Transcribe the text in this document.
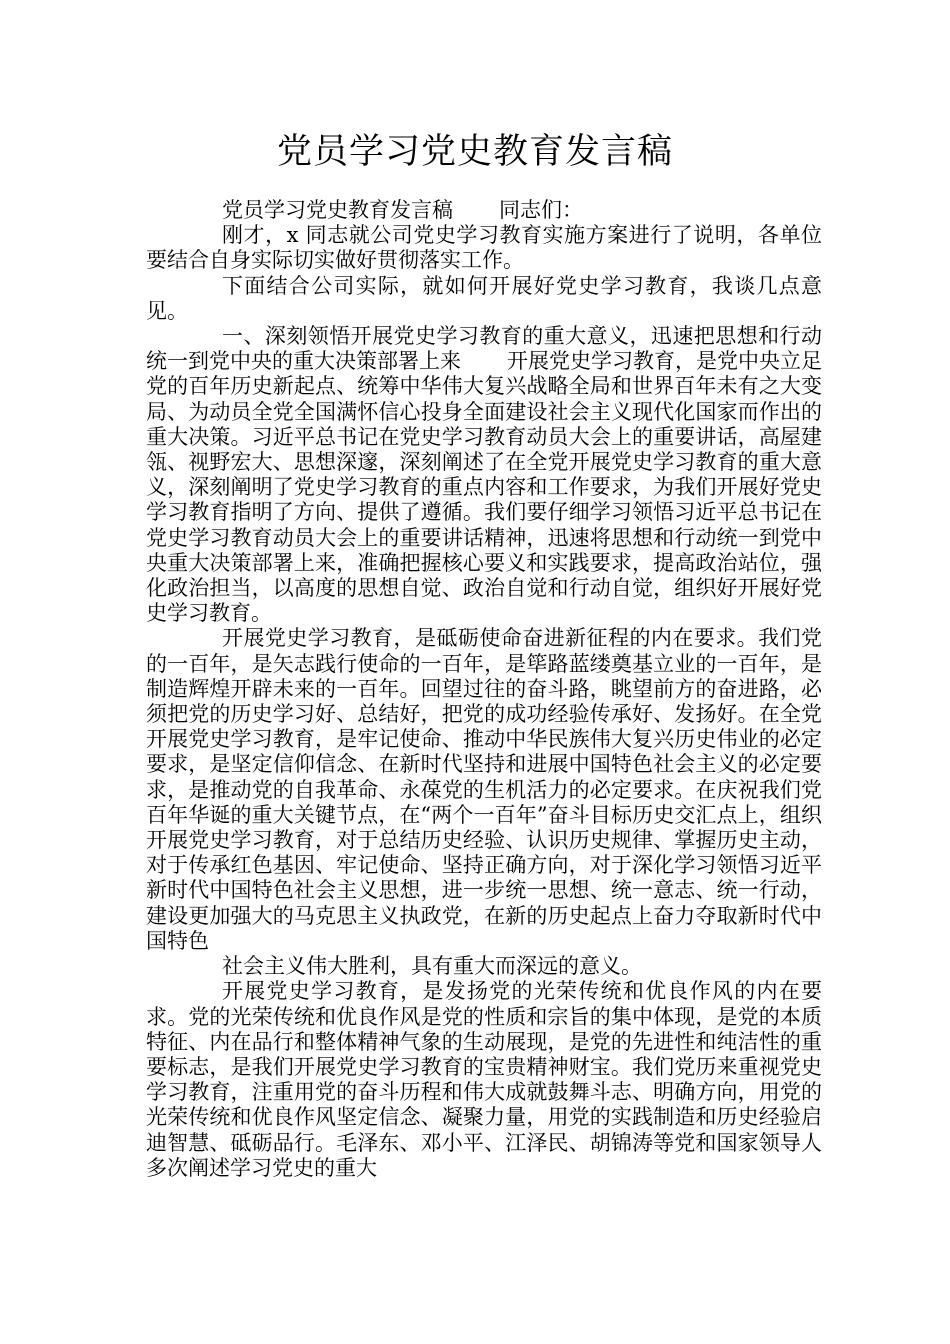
党员学习党史教育发言稿

党员学习党史教育发言稿 同志们：

刚才，x 同志就公司党史学习教育实施方案进行了说明，各单位要结合自身实际切实做好贯彻落实工作。

下面结合公司实际，就如何开展好党史学习教育，我谈几点意见。

一、深刻领悟开展党史学习教育的重大意义，迅速把思想和行动统一到党中央的重大决策部署上来 开展党史学习教育，是党中央立足党的百年历史新起点、统筹中华伟大复兴战略全局和世界百年未有之大变局、为动员全党全国满怀信心投身全面建设社会主义现代化国家而作出的重大决策。习近平总书记在党史学习教育动员大会上的重要讲话，高屋建瓴、视野宏大、思想深邃，深刻阐述了在全党开展党史学习教育的重大意义，深刻阐明了党史学习教育的重点内容和工作要求，为我们开展好党史学习教育指明了方向、提供了遵循。我们要仔细学习领悟习近平总书记在党史学习教育动员大会上的重要讲话精神，迅速将思想和行动统一到党中央重大决策部署上来，准确把握核心要义和实践要求，提高政治站位，强化政治担当，以高度的思想自觉、政治自觉和行动自觉，组织好开展好党史学习教育。

开展党史学习教育，是砥砺使命奋进新征程的内在要求。我们党的一百年，是矢志践行使命的一百年，是筚路蓝缕奠基立业的一百年，是制造辉煌开辟未来的一百年。回望过往的奋斗路，眺望前方的奋进路，必须把党的历史学习好、总结好，把党的成功经验传承好、发扬好。在全党开展党史学习教育，是牢记使命、推动中华民族伟大复兴历史伟业的必定要求，是坚定信仰信念、在新时代坚持和进展中国特色社会主义的必定要求，是推动党的自我革命、永葆党的生机活力的必定要求。在庆祝我们党百年华诞的重大关键节点，在“两个一百年”奋斗目标历史交汇点上，组织开展党史学习教育，对于总结历史经验、认识历史规律、掌握历史主动，对于传承红色基因、牢记使命、坚持正确方向，对于深化学习领悟习近平新时代中国特色社会主义思想，进一步统一思想、统一意志、统一行动，建设更加强大的马克思主义执政党，在新的历史起点上奋力夺取新时代中国特色

社会主义伟大胜利，具有重大而深远的意义。

开展党史学习教育，是发扬党的光荣传统和优良作风的内在要求。党的光荣传统和优良作风是党的性质和宗旨的集中体现，是党的本质特征、内在品行和整体精神气象的生动展现，是党的先进性和纯洁性的重要标志，是我们开展党史学习教育的宝贵精神财宝。我们党历来重视党史学习教育，注重用党的奋斗历程和伟大成就鼓舞斗志、明确方向，用党的光荣传统和优良作风坚定信念、凝聚力量，用党的实践制造和历史经验启迪智慧、砥砺品行。毛泽东、邓小平、江泽民、胡锦涛等党和国家领导人多次阐述学习党史的重大
